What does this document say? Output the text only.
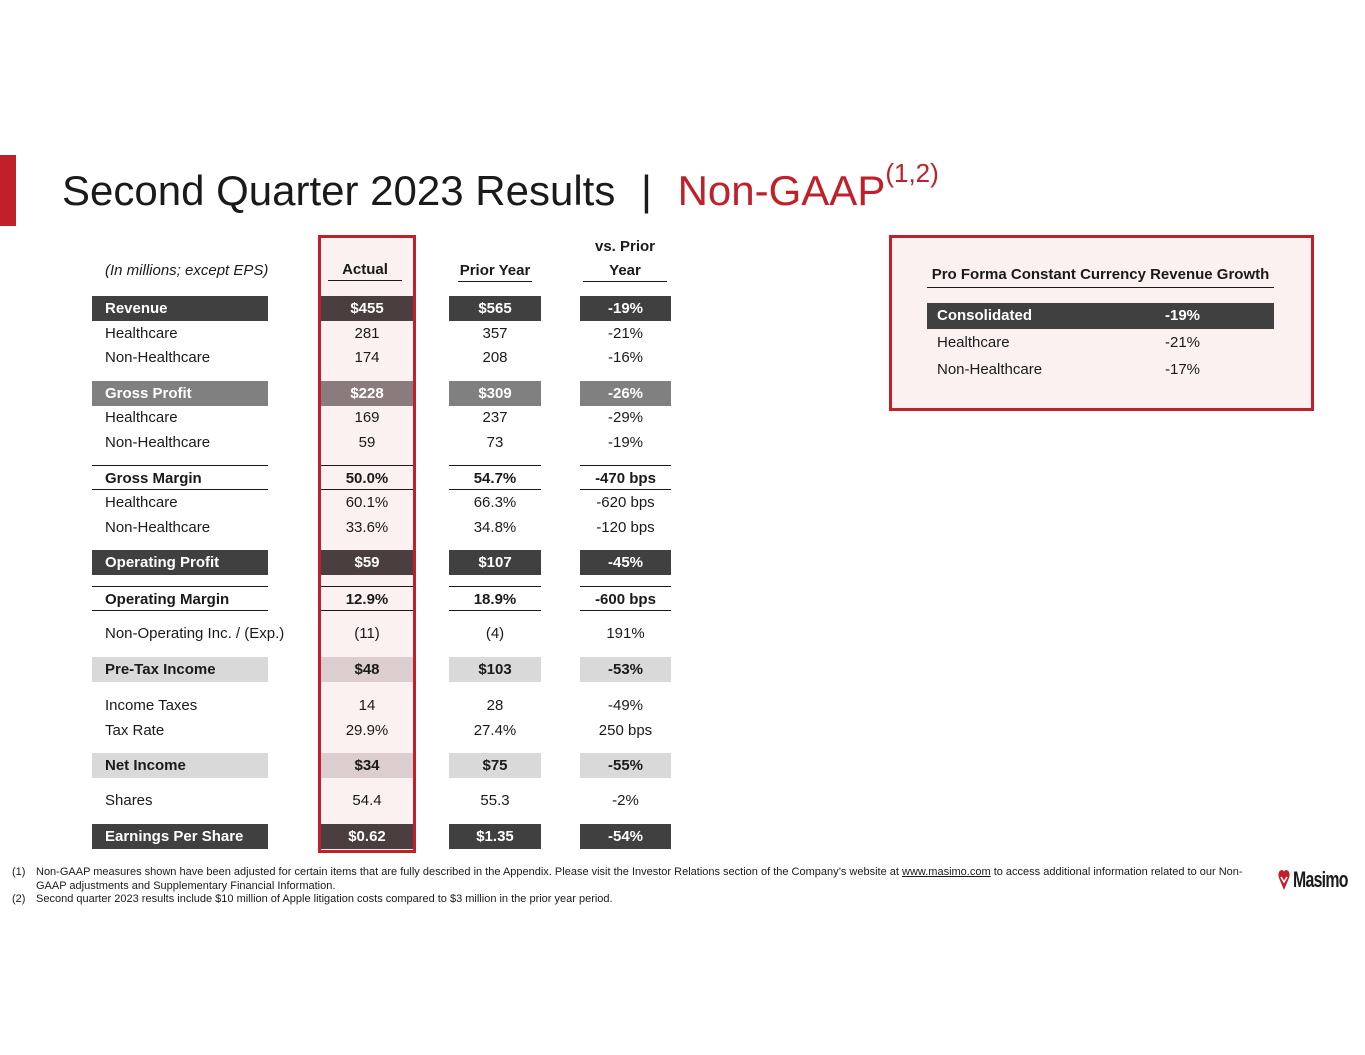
Second Quarter 2023 Results | Non-GAAP$^{(1,2)}$
(In millions; except EPS)	Actual	Prior Year
vs. Prior
Year
Revenue	$455	$565	-19%
Healthcare	281	357	-21%
Non-Healthcare	174	208	-16%
Gross Profit	$228	$309	-26%
Healthcare	169	237	-29%
Non-Healthcare	59	73	-19%
Gross Margin	50.0%	54.7%	-470 bps
Healthcare	60.1%	66.3%	-620 bps
Non-Healthcare	33.6%	34.8%	-120 bps
Operating Profit	$59	$107	-45%
Operating Margin	12.9%	18.9%	-600 bps
Non-Operating Inc. / (Exp.)	(11)	(4)	191%
Pre-Tax Income	$48	$103	-53%
Income Taxes	14	28	-49%
Tax Rate	29.9%	27.4%	250 bps
Net Income	$34	$75	-55%
Shares	54.4	55.3	-2%
Earnings Per Share	$0.62	$1.35	-54%
Pro Forma Constant Currency Revenue Growth
Consolidated	-19%
Healthcare	-21%
Non-Healthcare	-17%
(1) Non-GAAP measures shown have been adjusted for certain items that are fully described in the Appendix. Please visit the Investor Relations section of the Company’s website at www.masimo.com to access additional information related to our Non-GAAP adjustments and Supplementary Financial Information.
(2) Second quarter 2023 results include $10 million of Apple litigation costs compared to $3 million in the prior year period.
Masimo
